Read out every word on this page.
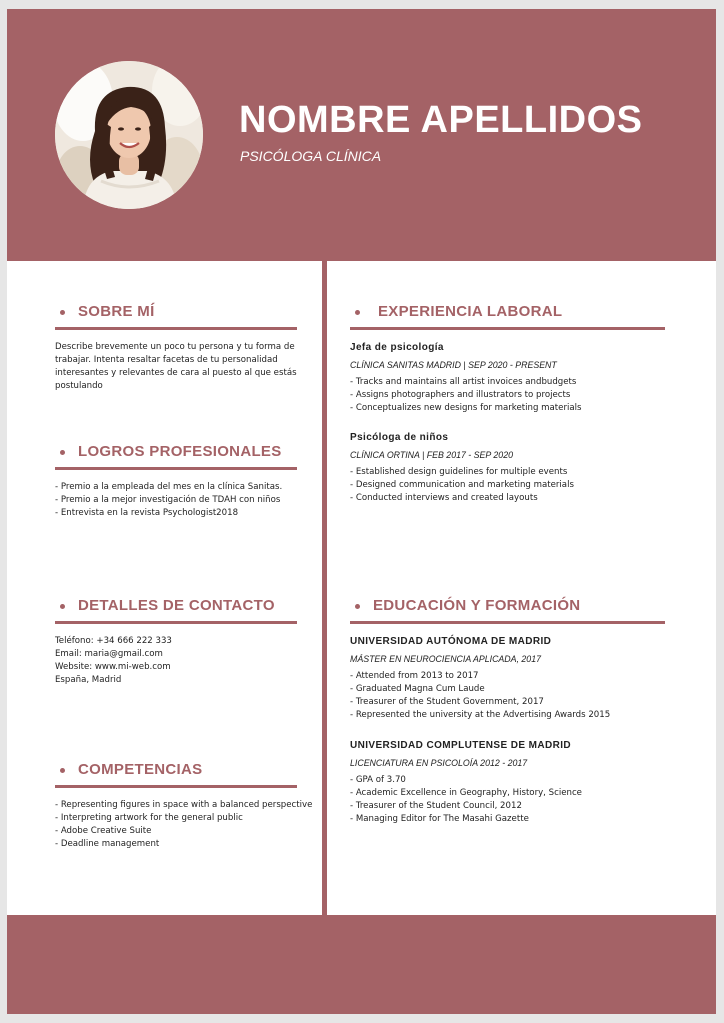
NOMBRE APELLIDOS
PSICÓLOGA CLÍNICA
SOBRE MÍ
Describe brevemente un poco tu persona y tu forma de trabajar. Intenta resaltar facetas de tu personalidad interesantes y relevantes de cara al puesto al que estás postulando
LOGROS PROFESIONALES
- Premio a la empleada del mes en la clínica Sanitas.
- Premio a la mejor investigación de TDAH con niños
- Entrevista en la revista Psychologist2018
DETALLES DE CONTACTO
Teléfono: +34 666 222 333
Email: maria@gmail.com
Website: www.mi-web.com
España, Madrid
COMPETENCIAS
- Representing figures in space with a balanced perspective
- Interpreting artwork for the general public
- Adobe Creative Suite
- Deadline management
EXPERIENCIA LABORAL
Jefa de psicología
CLÍNICA SANITAS MADRID | SEP 2020 - PRESENT
- Tracks and maintains all artist invoices andbudgets
- Assigns photographers and illustrators to projects
- Conceptualizes new designs for marketing materials
Psicóloga de niños
CLÍNICA ORTINA | FEB 2017 - SEP 2020
- Established design guidelines for multiple events
- Designed communication and marketing materials
- Conducted interviews and created layouts
EDUCACIÓN Y FORMACIÓN
UNIVERSIDAD AUTÓNOMA DE MADRID
MÁSTER EN NEUROCIENCIA APLICADA, 2017
- Attended from 2013 to 2017
- Graduated Magna Cum Laude
- Treasurer of the Student Government, 2017
- Represented the university at the Advertising Awards 2015
UNIVERSIDAD COMPLUTENSE DE MADRID
LICENCIATURA EN PSICOLOÍA 2012 - 2017
- GPA of 3.70
- Academic Excellence in Geography, History, Science
- Treasurer of the Student Council, 2012
- Managing Editor for The Masahi Gazette
